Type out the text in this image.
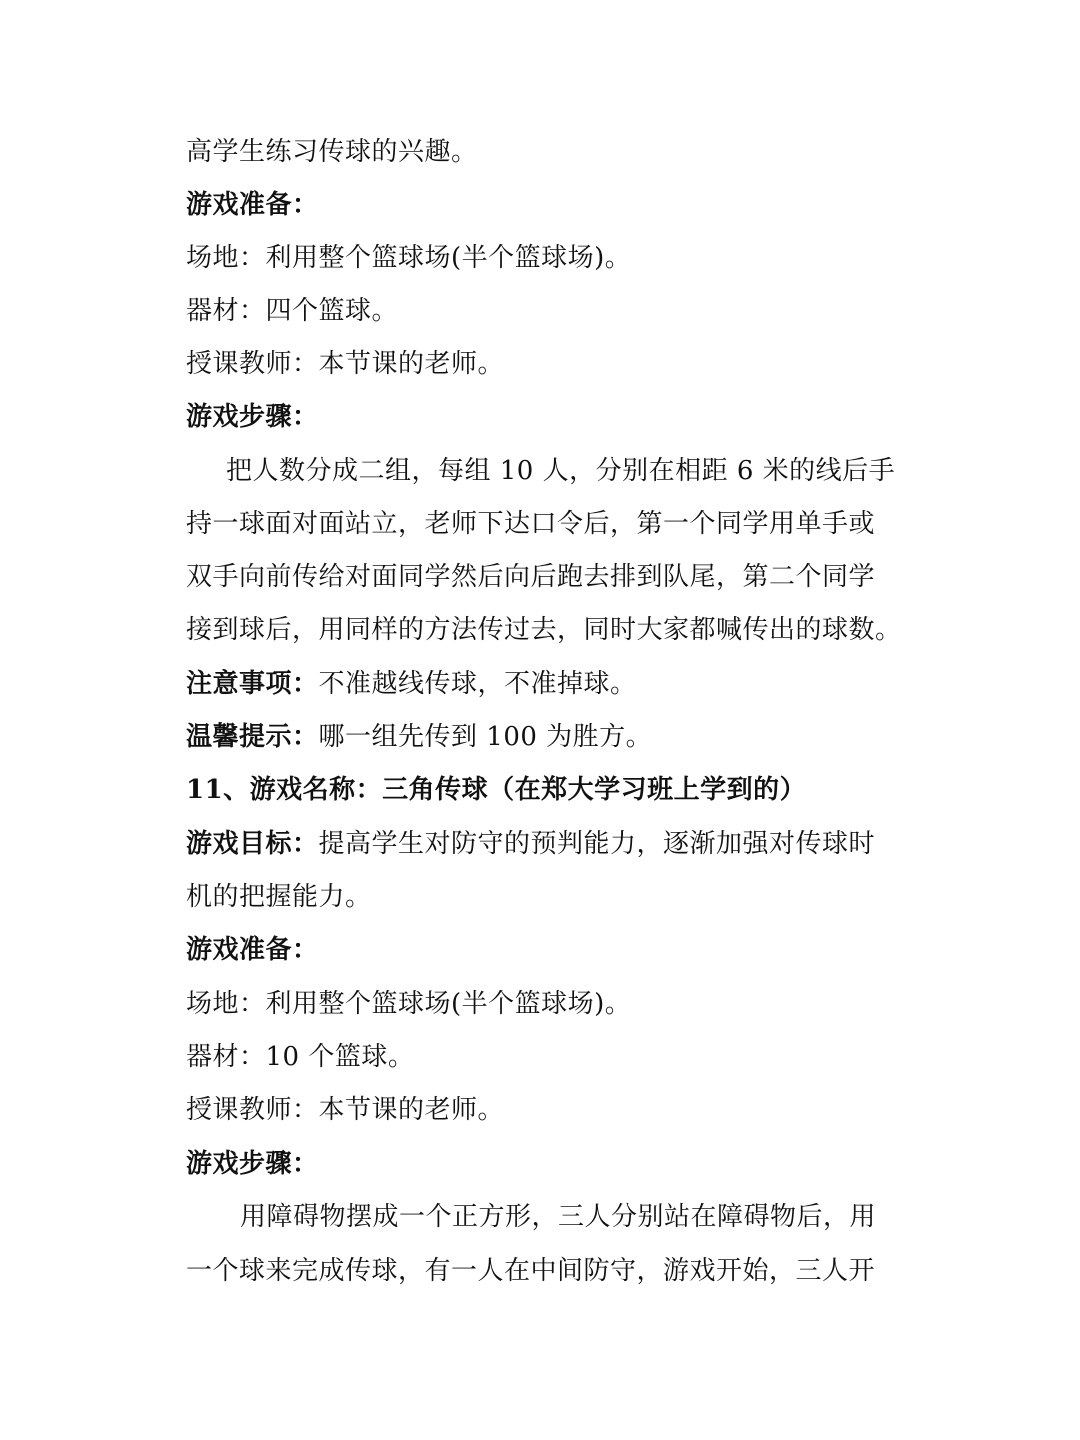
高学生练习传球的兴趣。
游戏准备：
场地：利用整个篮球场(半个篮球场)。
器材：四个篮球。
授课教师：本节课的老师。
游戏步骤：
把人数分成二组，每组 10 人，分别在相距 6 米的线后手
持一球面对面站立，老师下达口令后，第一个同学用单手或
双手向前传给对面同学然后向后跑去排到队尾，第二个同学
接到球后，用同样的方法传过去，同时大家都喊传出的球数。
注意事项：不准越线传球，不准掉球。
温馨提示：哪一组先传到 100 为胜方。
11、游戏名称：三角传球（在郑大学习班上学到的）
游戏目标：提高学生对防守的预判能力，逐渐加强对传球时
机的把握能力。
游戏准备：
场地：利用整个篮球场(半个篮球场)。
器材：10 个篮球。
授课教师：本节课的老师。
游戏步骤：
用障碍物摆成一个正方形，三人分别站在障碍物后，用
一个球来完成传球，有一人在中间防守，游戏开始，三人开
